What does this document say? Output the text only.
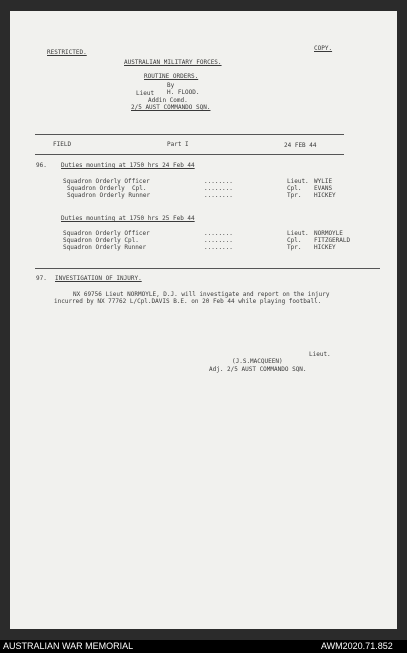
RESTRICTED.
COPY.
AUSTRALIAN MILITARY FORCES.
ROUTINE ORDERS.
By
Lieut H. FLOOD.
Addin Comd.
2/5 AUST COMMANDO SQN.
FIELD	Part I	24 FEB 44
96. Duties mounting at 1750 hrs 24 Feb 44
Squadron Orderly Officer	........	Lieut. WYLIE
Squadron Orderly  Cpl.	........	Cpl. EVANS
Squadron Orderly Runner	........	Tpr. HICKEY
Duties mounting at 1750 hrs 25 Feb 44
Squadron Orderly Officer	........	Lieut. NORMOYLE
Squadron Orderly Cpl.	........	Cpl. FITZGERALD
Squadron Orderly Runner	........	Tpr. HICKEY
97. INVESTIGATION OF INJURY.
NX 69756 Lieut NORMOYLE, D.J. will investigate and report on the injury
incurred by NX 77762 L/Cpl.DAVIS B.E. on 20 Feb 44 while playing football.
Lieut.
(J.S.MACQUEEN)
Adj. 2/5 AUST COMMANDO SQN.
AUSTRALIAN WAR MEMORIAL	AWM2020.71.852
